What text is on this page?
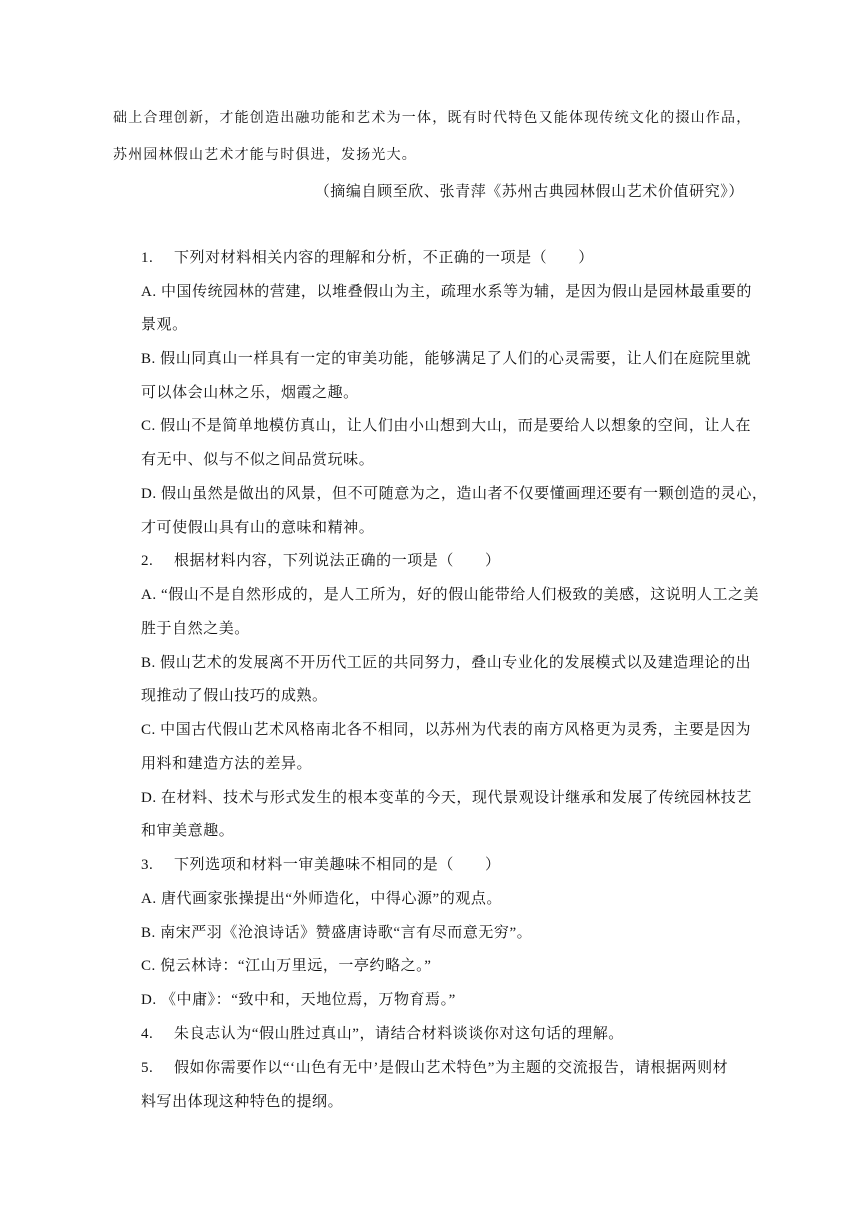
础上合理创新，才能创造出融功能和艺术为一体，既有时代特色又能体现传统文化的掇山作品，
苏州园林假山艺术才能与时俱进，发扬光大。
（摘编自顾至欣、张青萍《苏州古典园林假山艺术价值研究》）
1. 下列对材料相关内容的理解和分析，不正确的一项是（　　）
A. 中国传统园林的营建，以堆叠假山为主，疏理水系等为辅，是因为假山是园林最重要的
景观。
B. 假山同真山一样具有一定的审美功能，能够满足了人们的心灵需要，让人们在庭院里就
可以体会山林之乐，烟霞之趣。
C. 假山不是简单地模仿真山，让人们由小山想到大山，而是要给人以想象的空间，让人在
有无中、似与不似之间品赏玩味。
D. 假山虽然是做出的风景，但不可随意为之，造山者不仅要懂画理还要有一颗创造的灵心，
才可使假山具有山的意味和精神。
2. 根据材料内容，下列说法正确的一项是（　　）
A. “假山不是自然形成的，是人工所为，好的假山能带给人们极致的美感，这说明人工之美
胜于自然之美。
B. 假山艺术的发展离不开历代工匠的共同努力，叠山专业化的发展模式以及建造理论的出
现推动了假山技巧的成熟。
C. 中国古代假山艺术风格南北各不相同，以苏州为代表的南方风格更为灵秀，主要是因为
用料和建造方法的差异。
D. 在材料、技术与形式发生的根本变革的今天，现代景观设计继承和发展了传统园林技艺
和审美意趣。
3. 下列选项和材料一审美趣味不相同的是（　　）
A. 唐代画家张操提出“外师造化，中得心源”的观点。
B. 南宋严羽《沧浪诗话》赞盛唐诗歌“言有尽而意无穷”。
C. 倪云林诗：“江山万里远，一亭约略之。”
D. 《中庸》：“致中和，天地位焉，万物育焉。”
4. 朱良志认为“假山胜过真山”，请结合材料谈谈你对这句话的理解。
5. 假如你需要作以“‘山色有无中’是假山艺术特色”为主题的交流报告，请根据两则材
料写出体现这种特色的提纲。
